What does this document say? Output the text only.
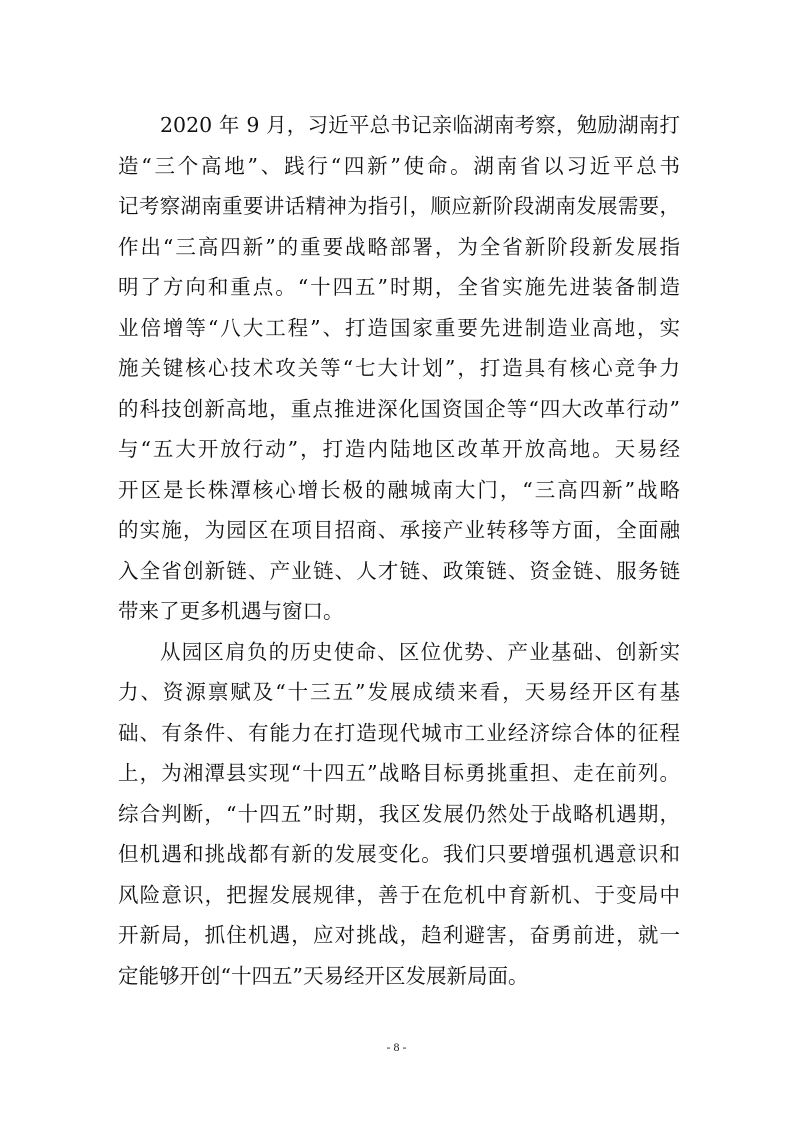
2020 年 9 月，习近平总书记亲临湖南考察，勉励湖南打
造“三个高地”、践行“四新”使命。湖南省以习近平总书
记考察湖南重要讲话精神为指引，顺应新阶段湖南发展需要，
作出“三高四新”的重要战略部署，为全省新阶段新发展指
明了方向和重点。“十四五”时期，全省实施先进装备制造
业倍增等“八大工程”、打造国家重要先进制造业高地，实
施关键核心技术攻关等“七大计划”，打造具有核心竞争力
的科技创新高地，重点推进深化国资国企等“四大改革行动”
与“五大开放行动”，打造内陆地区改革开放高地。天易经
开区是长株潭核心增长极的融城南大门，“三高四新”战略
的实施，为园区在项目招商、承接产业转移等方面，全面融
入全省创新链、产业链、人才链、政策链、资金链、服务链
带来了更多机遇与窗口。
从园区肩负的历史使命、区位优势、产业基础、创新实
力、资源禀赋及“十三五”发展成绩来看，天易经开区有基
础、有条件、有能力在打造现代城市工业经济综合体的征程
上，为湘潭县实现“十四五”战略目标勇挑重担、走在前列。
综合判断，“十四五”时期，我区发展仍然处于战略机遇期，
但机遇和挑战都有新的发展变化。我们只要增强机遇意识和
风险意识，把握发展规律，善于在危机中育新机、于变局中
开新局，抓住机遇，应对挑战，趋利避害，奋勇前进，就一
定能够开创“十四五”天易经开区发展新局面。
- 8 -
